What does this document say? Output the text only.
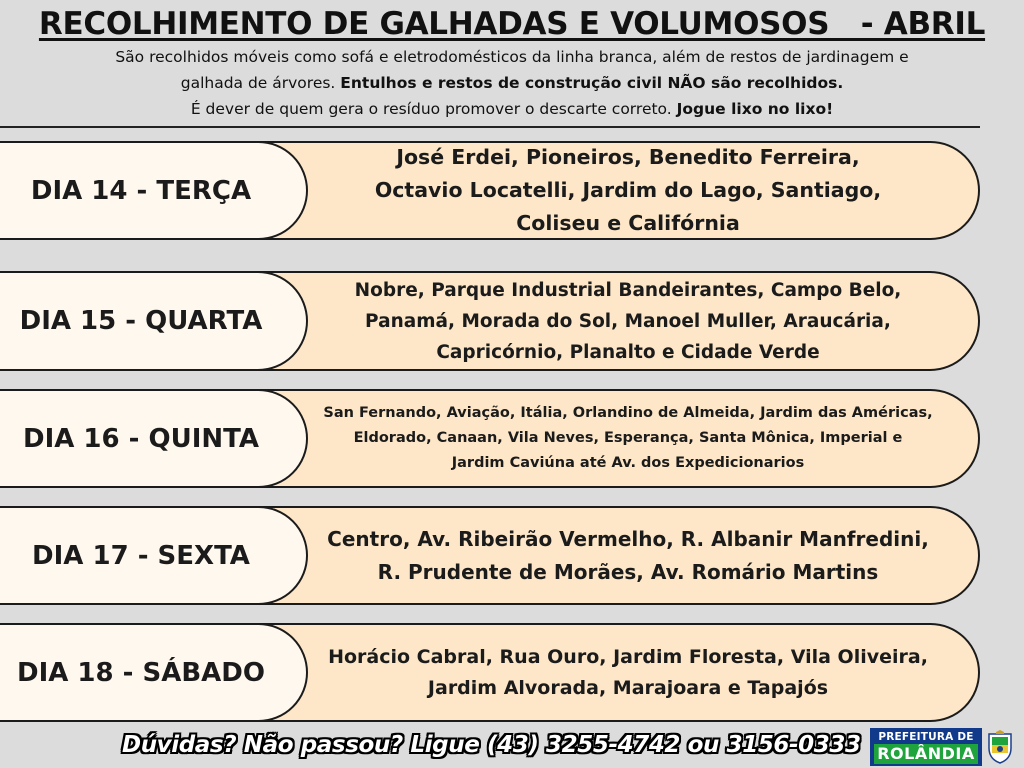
RECOLHIMENTO DE GALHADAS E VOLUMOSOS   - ABRIL
São recolhidos móveis como sofá e eletrodomésticos da linha branca, além de restos de jardinagem e
galhada de árvores. Entulhos e restos de construção civil NÃO são recolhidos.
É dever de quem gera o resíduo promover o descarte correto. Jogue lixo no lixo!
José Erdei, Pioneiros, Benedito Ferreira,
Octavio Locatelli, Jardim do Lago, Santiago,
Coliseu e Califórnia
DIA 14 - TERÇA
Nobre, Parque Industrial Bandeirantes, Campo Belo,
Panamá, Morada do Sol, Manoel Muller, Araucária,
Capricórnio, Planalto e Cidade Verde
DIA 15 - QUARTA
San Fernando, Aviação, Itália, Orlandino de Almeida, Jardim das Américas,
Eldorado, Canaan, Vila Neves, Esperança, Santa Mônica, Imperial e
Jardim Caviúna até Av. dos Expedicionarios
DIA 16 - QUINTA
Centro, Av. Ribeirão Vermelho, R. Albanir Manfredini,
R. Prudente de Morães, Av. Romário Martins
DIA 17 - SEXTA
Horácio Cabral, Rua Ouro, Jardim Floresta, Vila Oliveira,
Jardim Alvorada, Marajoara e Tapajós
DIA 18 - SÁBADO
Dúvidas? Não passou? Ligue (43) 3255-4742 ou 3156-0333	PREFEITURA DE
ROLÂNDIA
